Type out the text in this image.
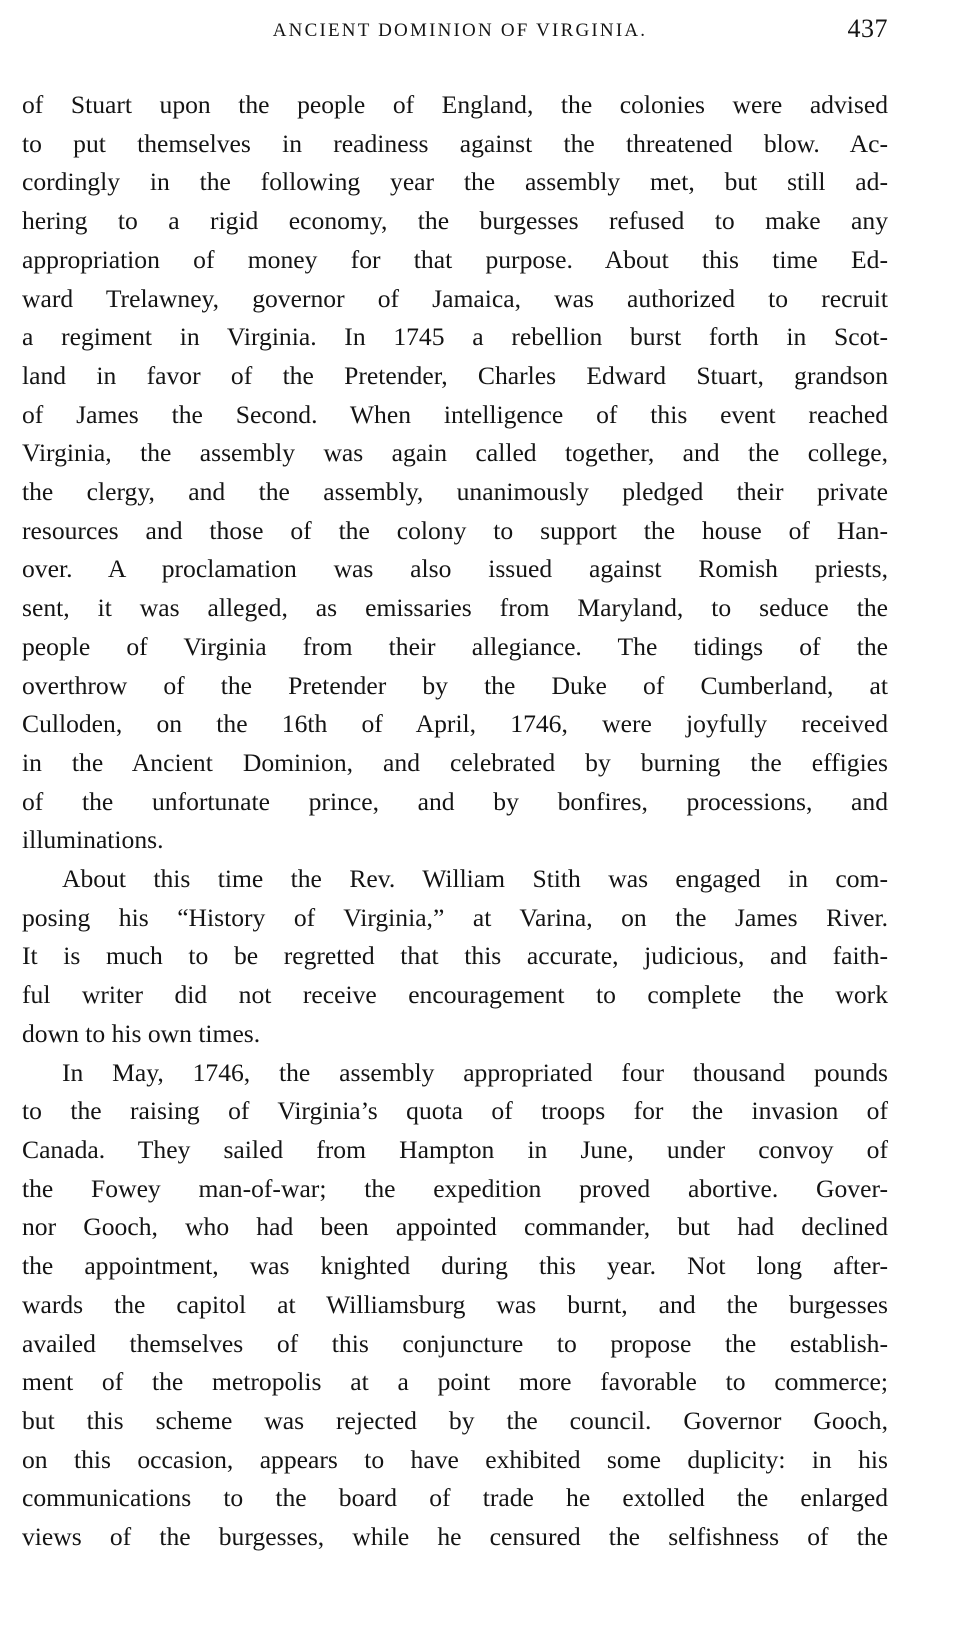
ANCIENT DOMINION OF VIRGINIA.	437
of Stuart upon the people of England, the colonies were advised
to put themselves in readiness against the threatened blow. Ac-
cordingly in the following year the assembly met, but still ad-
hering to a rigid economy, the burgesses refused to make any
appropriation of money for that purpose. About this time Ed-
ward Trelawney, governor of Jamaica, was authorized to recruit
a regiment in Virginia. In 1745 a rebellion burst forth in Scot-
land in favor of the Pretender, Charles Edward Stuart, grandson
of James the Second. When intelligence of this event reached
Virginia, the assembly was again called together, and the college,
the clergy, and the assembly, unanimously pledged their private
resources and those of the colony to support the house of Han-
over. A proclamation was also issued against Romish priests,
sent, it was alleged, as emissaries from Maryland, to seduce the
people of Virginia from their allegiance. The tidings of the
overthrow of the Pretender by the Duke of Cumberland, at
Culloden, on the 16th of April, 1746, were joyfully received
in the Ancient Dominion, and celebrated by burning the effigies
of the unfortunate prince, and by bonfires, processions, and
illuminations.
About this time the Rev. William Stith was engaged in com-
posing his “History of Virginia,” at Varina, on the James River.
It is much to be regretted that this accurate, judicious, and faith-
ful writer did not receive encouragement to complete the work
down to his own times.
In May, 1746, the assembly appropriated four thousand pounds
to the raising of Virginia’s quota of troops for the invasion of
Canada. They sailed from Hampton in June, under convoy of
the Fowey man-of-war; the expedition proved abortive. Gover-
nor Gooch, who had been appointed commander, but had declined
the appointment, was knighted during this year. Not long after-
wards the capitol at Williamsburg was burnt, and the burgesses
availed themselves of this conjuncture to propose the establish-
ment of the metropolis at a point more favorable to commerce;
but this scheme was rejected by the council. Governor Gooch,
on this occasion, appears to have exhibited some duplicity: in his
communications to the board of trade he extolled the enlarged
views of the burgesses, while he censured the selfishness of the
